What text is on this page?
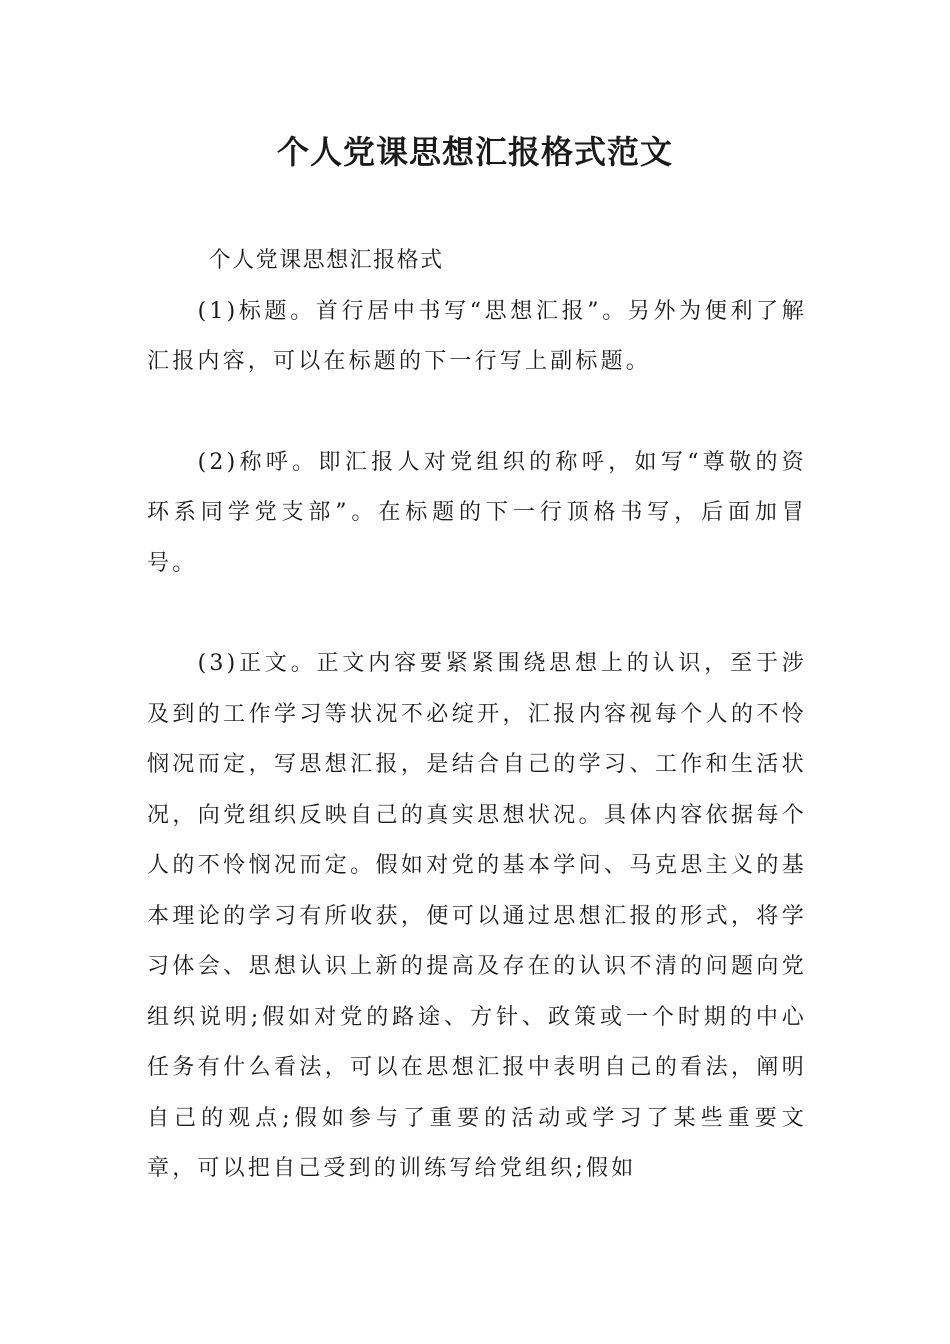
个人党课思想汇报格式范文

个人党课思想汇报格式

(1)标题。首行居中书写“思想汇报”。另外为便利了解汇报内容，可以在标题的下一行写上副标题。

(2)称呼。即汇报人对党组织的称呼，如写“尊敬的资环系同学党支部”。在标题的下一行顶格书写，后面加冒号。

(3)正文。正文内容要紧紧围绕思想上的认识，至于涉及到的工作学习等状况不必绽开，汇报内容视每个人的不怜悯况而定，写思想汇报，是结合自己的学习、工作和生活状况，向党组织反映自己的真实思想状况。具体内容依据每个人的不怜悯况而定。假如对党的基本学问、马克思主义的基本理论的学习有所收获，便可以通过思想汇报的形式，将学习体会、思想认识上新的提高及存在的认识不清的问题向党组织说明;假如对党的路途、方针、政策或一个时期的中心任务有什么看法，可以在思想汇报中表明自己的看法，阐明自己的观点;假如参与了重要的活动或学习了某些重要文章，可以把自己受到的训练写给党组织;假如
